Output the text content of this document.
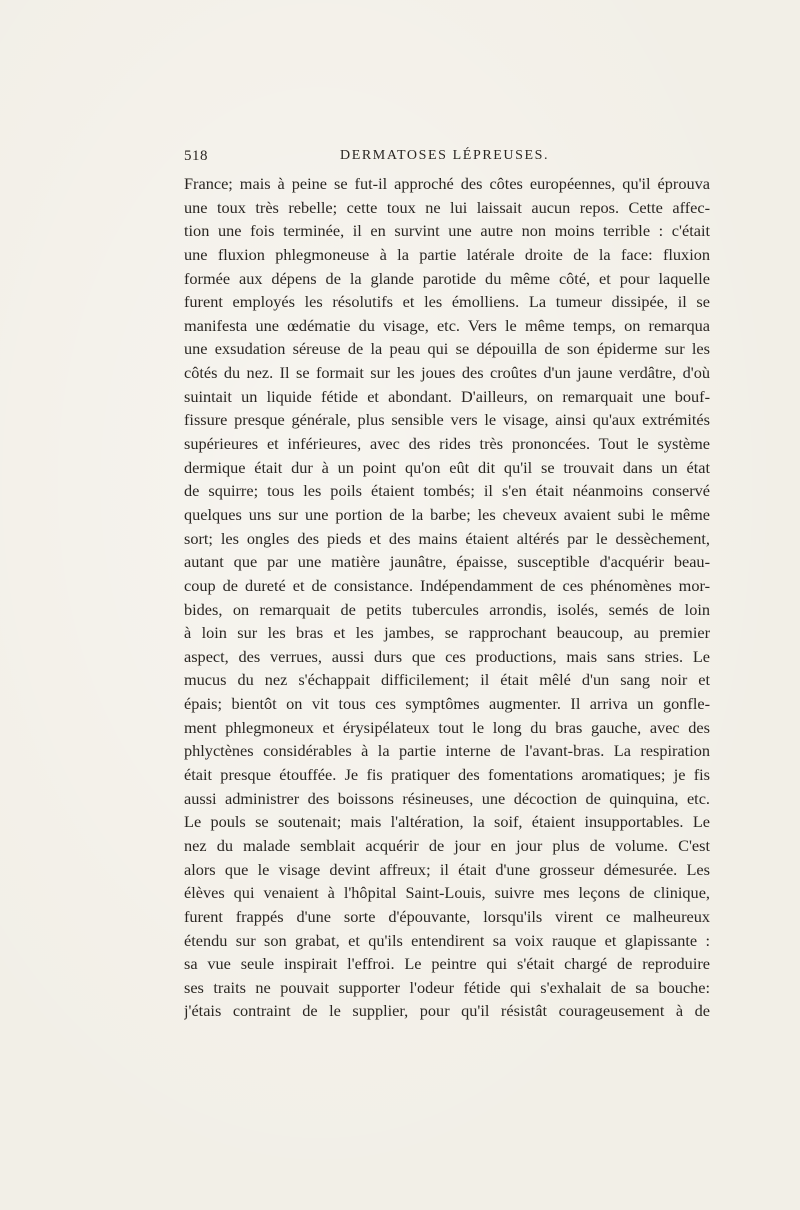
518	DERMATOSES LÉPREUSES.
France; mais à peine se fut-il approché des côtes européennes, qu'il éprouva
une toux très rebelle; cette toux ne lui laissait aucun repos. Cette affec-
tion une fois terminée, il en survint une autre non moins terrible : c'était
une fluxion phlegmoneuse à la partie latérale droite de la face: fluxion
formée aux dépens de la glande parotide du même côté, et pour laquelle
furent employés les résolutifs et les émolliens. La tumeur dissipée, il se
manifesta une œdématie du visage, etc. Vers le même temps, on remarqua
une exsudation séreuse de la peau qui se dépouilla de son épiderme sur les
côtés du nez. Il se formait sur les joues des croûtes d'un jaune verdâtre, d'où
suintait un liquide fétide et abondant. D'ailleurs, on remarquait une bouf-
fissure presque générale, plus sensible vers le visage, ainsi qu'aux extrémités
supérieures et inférieures, avec des rides très prononcées. Tout le système
dermique était dur à un point qu'on eût dit qu'il se trouvait dans un état
de squirre; tous les poils étaient tombés; il s'en était néanmoins conservé
quelques uns sur une portion de la barbe; les cheveux avaient subi le même
sort; les ongles des pieds et des mains étaient altérés par le dessèchement,
autant que par une matière jaunâtre, épaisse, susceptible d'acquérir beau-
coup de dureté et de consistance. Indépendamment de ces phénomènes mor-
bides, on remarquait de petits tubercules arrondis, isolés, semés de loin
à loin sur les bras et les jambes, se rapprochant beaucoup, au premier
aspect, des verrues, aussi durs que ces productions, mais sans stries. Le
mucus du nez s'échappait difficilement; il était mêlé d'un sang noir et
épais; bientôt on vit tous ces symptômes augmenter. Il arriva un gonfle-
ment phlegmoneux et érysipélateux tout le long du bras gauche, avec des
phlyctènes considérables à la partie interne de l'avant-bras. La respiration
était presque étouffée. Je fis pratiquer des fomentations aromatiques; je fis
aussi administrer des boissons résineuses, une décoction de quinquina, etc.
Le pouls se soutenait; mais l'altération, la soif, étaient insupportables. Le
nez du malade semblait acquérir de jour en jour plus de volume. C'est
alors que le visage devint affreux; il était d'une grosseur démesurée. Les
élèves qui venaient à l'hôpital Saint-Louis, suivre mes leçons de clinique,
furent frappés d'une sorte d'épouvante, lorsqu'ils virent ce malheureux
étendu sur son grabat, et qu'ils entendirent sa voix rauque et glapissante :
sa vue seule inspirait l'effroi. Le peintre qui s'était chargé de reproduire
ses traits ne pouvait supporter l'odeur fétide qui s'exhalait de sa bouche:
j'étais contraint de le supplier, pour qu'il résistât courageusement à de
